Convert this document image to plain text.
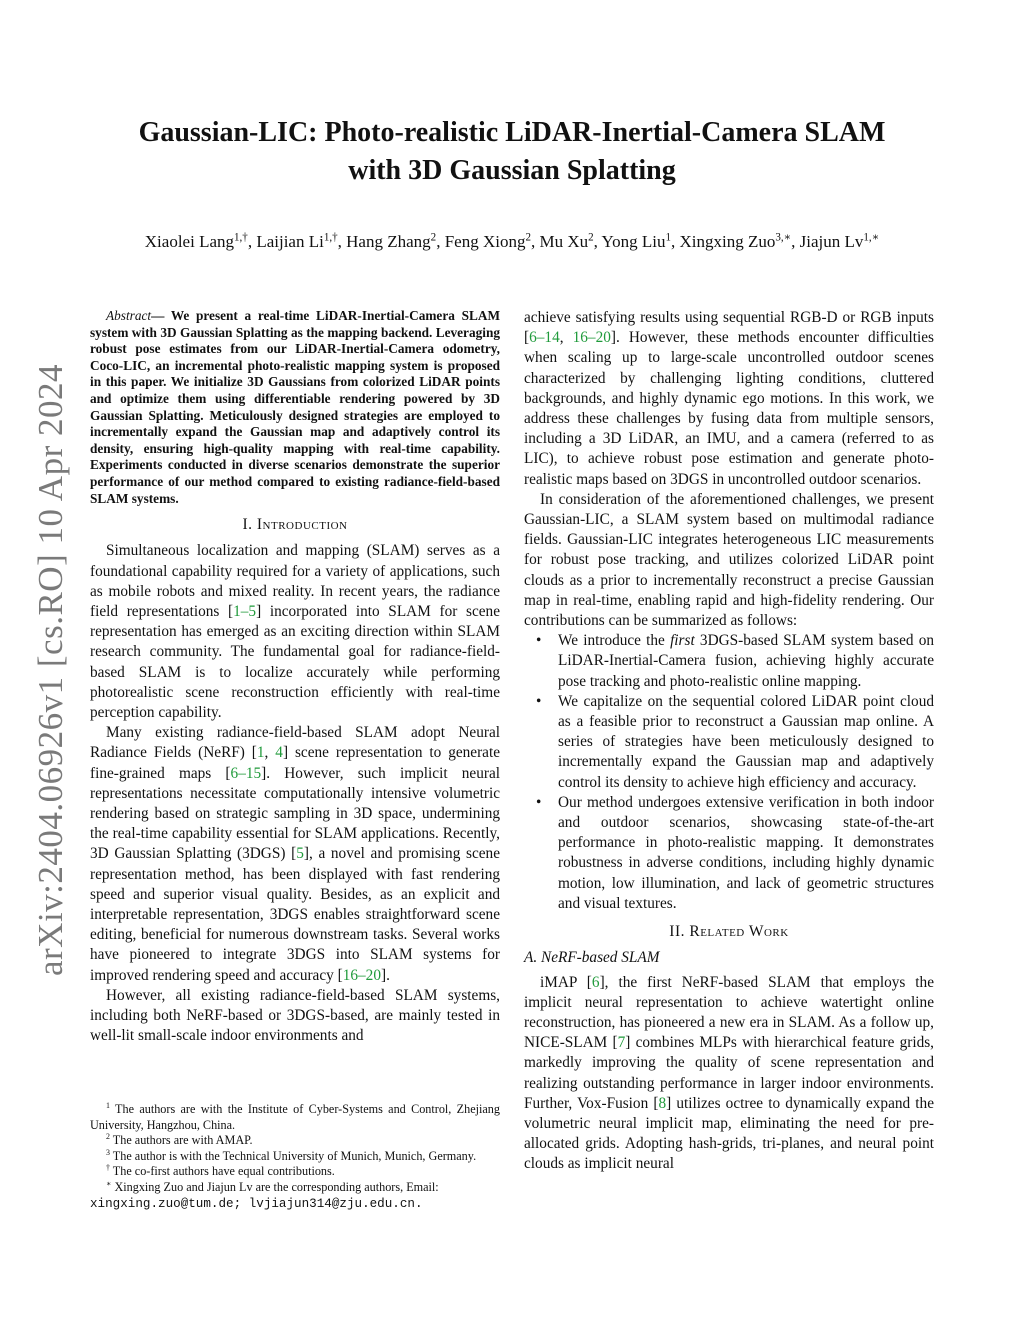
arXiv:2404.06926v1 [cs.RO] 10 Apr 2024
Gaussian-LIC: Photo-realistic LiDAR-Inertial-Camera SLAM
with 3D Gaussian Splatting
Xiaolei Lang$^{1,\dagger}$, Laijian $Li^{1,\dagger}$, Hang Zhang$^2$, Feng Xiong$^2$, Mu Xu$^2$, Yong Liu$^1$, Xingxing Zuo$^{3,∗}$, Jiajun $Lv^{1,∗}$

Abstract— We present a real-time LiDAR-Inertial-Camera SLAM system with 3D Gaussian Splatting as the mapping backend. Leveraging robust pose estimates from our LiDAR-Inertial-Camera odometry, Coco-LIC, an incremental photo-realistic mapping system is proposed in this paper. We initialize 3D Gaussians from colorized LiDAR points and optimize them using differentiable rendering powered by 3D Gaussian Splatting. Meticulously designed strategies are employed to incrementally expand the Gaussian map and adaptively control its density, ensuring high-quality mapping with real-time capability. Experiments conducted in diverse scenarios demonstrate the superior performance of our method compared to existing radiance-field-based SLAM systems.

I. Introduction

Simultaneous localization and mapping (SLAM) serves as a foundational capability required for a variety of applications, such as mobile robots and mixed reality. In recent years, the radiance field representations [1–5] incorporated into SLAM for scene representation has emerged as an exciting direction within SLAM research community. The fundamental goal for radiance-field-based SLAM is to localize accurately while performing photorealistic scene reconstruction efficiently with real-time perception capability.

Many existing radiance-field-based SLAM adopt Neural Radiance Fields (NeRF) [1, 4] scene representation to generate fine-grained maps [6–15]. However, such implicit neural representations necessitate computationally intensive volumetric rendering based on strategic sampling in 3D space, undermining the real-time capability essential for SLAM applications. Recently, 3D Gaussian Splatting (3DGS) [5], a novel and promising scene representation method, has been displayed with fast rendering speed and superior visual quality. Besides, as an explicit and interpretable representation, 3DGS enables straightforward scene editing, beneficial for numerous downstream tasks. Several works have pioneered to integrate 3DGS into SLAM systems for improved rendering speed and accuracy [16–20].

However, all existing radiance-field-based SLAM systems, including both NeRF-based or 3DGS-based, are mainly tested in well-lit small-scale indoor environments and

$^1$ The authors are with the Institute of Cyber-Systems and Control, Zhejiang University, Hangzhou, China.

$^2$ The authors are with AMAP.

$^3$ The author is with the Technical University of Munich, Munich, Germany.

† The co-first authors have equal contributions.

∗ Xingxing Zuo and Jiajun Lv are the corresponding authors, Email:

xingxing.zuo@tum.de; lvjiajun314@zju.edu.cn.

achieve satisfying results using sequential RGB-D or RGB inputs [6–14, 16–20]. However, these methods encounter difficulties when scaling up to large-scale uncontrolled outdoor scenes characterized by challenging lighting conditions, cluttered backgrounds, and highly dynamic ego motions. In this work, we address these challenges by fusing data from multiple sensors, including a 3D LiDAR, an IMU, and a camera (referred to as LIC), to achieve robust pose estimation and generate photo-realistic maps based on 3DGS in uncontrolled outdoor scenarios.

In consideration of the aforementioned challenges, we present Gaussian-LIC, a SLAM system based on multimodal radiance fields. Gaussian-LIC integrates heterogeneous LIC measurements for robust pose tracking, and utilizes colorized LiDAR point clouds as a prior to incrementally reconstruct a precise Gaussian map in real-time, enabling rapid and high-fidelity rendering. Our contributions can be summarized as follows:

• We introduce the first 3DGS-based SLAM system based on LiDAR-Inertial-Camera fusion, achieving highly accurate pose tracking and photo-realistic online mapping.
• We capitalize on the sequential colored LiDAR point cloud as a feasible prior to reconstruct a Gaussian map online. A series of strategies have been meticulously designed to incrementally expand the Gaussian map and adaptively control its density to achieve high efficiency and accuracy.
• Our method undergoes extensive verification in both indoor and outdoor scenarios, showcasing state-of-the-art performance in photo-realistic mapping. It demonstrates robustness in adverse conditions, including highly dynamic motion, low illumination, and lack of geometric structures and visual textures.
II. Related Work
A. NeRF-based SLAM

iMAP [6], the first NeRF-based SLAM that employs the implicit neural representation to achieve watertight online reconstruction, has pioneered a new era in SLAM. As a follow up, NICE-SLAM [7] combines MLPs with hierarchical feature grids, markedly improving the quality of scene representation and realizing outstanding performance in larger indoor environments. Further, Vox-Fusion [8] utilizes octree to dynamically expand the volumetric neural implicit map, eliminating the need for pre-allocated grids. Adopting hash-grids, tri-planes, and neural point clouds as implicit neural
